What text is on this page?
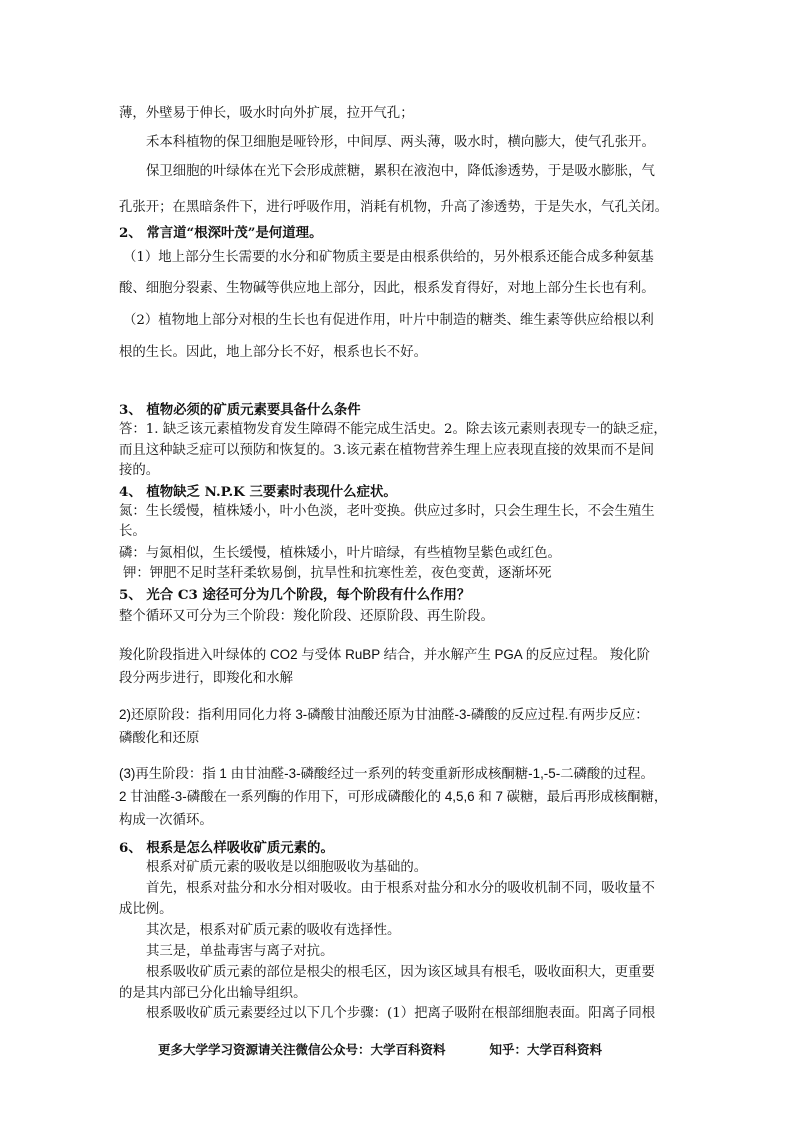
薄，外壁易于伸长，吸水时向外扩展，拉开气孔；
禾本科植物的保卫细胞是哑铃形，中间厚、两头薄，吸水时，横向膨大，使气孔张开。
保卫细胞的叶绿体在光下会形成蔗糖，累积在液泡中，降低渗透势，于是吸水膨胀，气
孔张开；在黑暗条件下，进行呼吸作用，消耗有机物，升高了渗透势，于是失水，气孔关闭。
2、 常言道“根深叶茂”是何道理。
（1）地上部分生长需要的水分和矿物质主要是由根系供给的，另外根系还能合成多种氨基
酸、细胞分裂素、生物碱等供应地上部分，因此，根系发育得好，对地上部分生长也有利。
（2）植物地上部分对根的生长也有促进作用，叶片中制造的糖类、维生素等供应给根以利
根的生长。因此，地上部分长不好，根系也长不好。
3、 植物必须的矿质元素要具备什么条件
答：1. 缺乏该元素植物发育发生障碍不能完成生活史。2。除去该元素则表现专一的缺乏症，
而且这种缺乏症可以预防和恢复的。3.该元素在植物营养生理上应表现直接的效果而不是间
接的。
4、 植物缺乏 N.P.K 三要素时表现什么症状。
氮：生长缓慢，植株矮小，叶小色淡，老叶变换。供应过多时，只会生理生长，不会生殖生
长。
磷：与氮相似，生长缓慢，植株矮小，叶片暗绿，有些植物呈紫色或红色。
钾：钾肥不足时茎秆柔软易倒，抗旱性和抗寒性差，夜色变黄，逐渐坏死
5、 光合 C3 途径可分为几个阶段，每个阶段有什么作用？
整个循环又可分为三个阶段：羧化阶段、还原阶段、再生阶段。
羧化阶段指进入叶绿体的 CO2 与受体 RuBP 结合，并水解产生 PGA 的反应过程。 羧化阶
段分两步进行，即羧化和水解
2)还原阶段：指利用同化力将 3-磷酸甘油酸还原为甘油醛-3-磷酸的反应过程.有两步反应：
磷酸化和还原
(3)再生阶段：指 1 由甘油醛-3-磷酸经过一系列的转变重新形成核酮糖-1,-5-二磷酸的过程。
2 甘油醛-3-磷酸在一系列酶的作用下，可形成磷酸化的 4,5,6 和 7 碳糖，最后再形成核酮糖，
构成一次循环。
6、 根系是怎么样吸收矿质元素的。
根系对矿质元素的吸收是以细胞吸收为基础的。
首先，根系对盐分和水分相对吸收。由于根系对盐分和水分的吸收机制不同，吸收量不
成比例。
其次是，根系对矿质元素的吸收有选择性。
其三是，单盐毒害与离子对抗。
根系吸收矿质元素的部位是根尖的根毛区，因为该区域具有根毛，吸收面积大，更重要
的是其内部已分化出输导组织。
根系吸收矿质元素要经过以下几个步骤：(1）把离子吸附在根部细胞表面。阳离子同根
更多大学学习资源请关注微信公众号：大学百科资料	知乎：大学百科资料
